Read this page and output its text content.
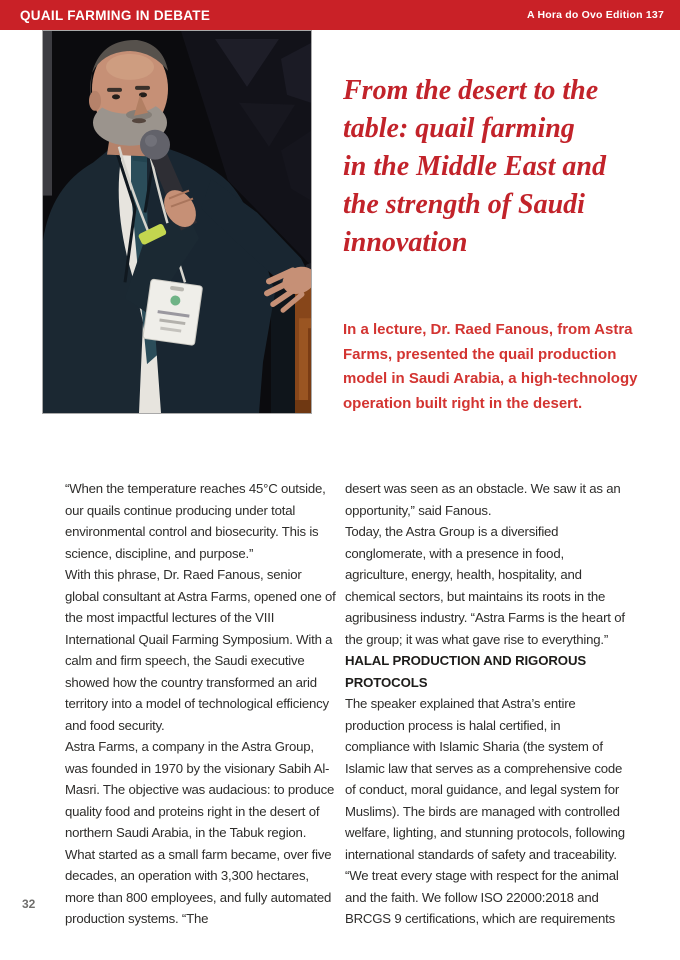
QUAIL FARMING IN DEBATE	A Hora do Ovo Edition 137
From the desert to the
table: quail farming
in the Middle East and
the strength of Saudi
innovation
In a lecture, Dr. Raed Fanous, from Astra Farms, presented the quail production model in Saudi Arabia, a high-technology operation built right in the desert.

“When the temperature reaches 45°C outside, our quails continue producing under total environmental control and biosecurity. This is science, discipline, and purpose.”

With this phrase, Dr. Raed Fanous, senior global consultant at Astra Farms, opened one of the most impactful lectures of the VIII International Quail Farming Symposium. With a calm and firm speech, the Saudi executive showed how the country transformed an arid territory into a model of technological efficiency and food security.

Astra Farms, a company in the Astra Group, was founded in 1970 by the visionary Sabih Al-Masri. The objective was audacious: to produce quality food and proteins right in the desert of northern Saudi Arabia, in the Tabuk region. What started as a small farm became, over five decades, an operation with 3,300 hectares, more than 800 employees, and fully automated production systems. “The

desert was seen as an obstacle. We saw it as an opportunity,” said Fanous.

Today, the Astra Group is a diversified conglomerate, with a presence in food, agriculture, energy, health, hospitality, and chemical sectors, but maintains its roots in the agribusiness industry. “Astra Farms is the heart of the group; it was what gave rise to everything.”

HALAL PRODUCTION AND RIGOROUS PROTOCOLS

The speaker explained that Astra’s entire production process is halal certified, in compliance with Islamic Sharia (the system of Islamic law that serves as a comprehensive code of conduct, moral guidance, and legal system for Muslims). The birds are managed with controlled welfare, lighting, and stunning protocols, following international standards of safety and traceability.

“We treat every stage with respect for the animal and the faith. We follow ISO 22000:2018 and BRCGS 9 certifications, which are requirements

32
